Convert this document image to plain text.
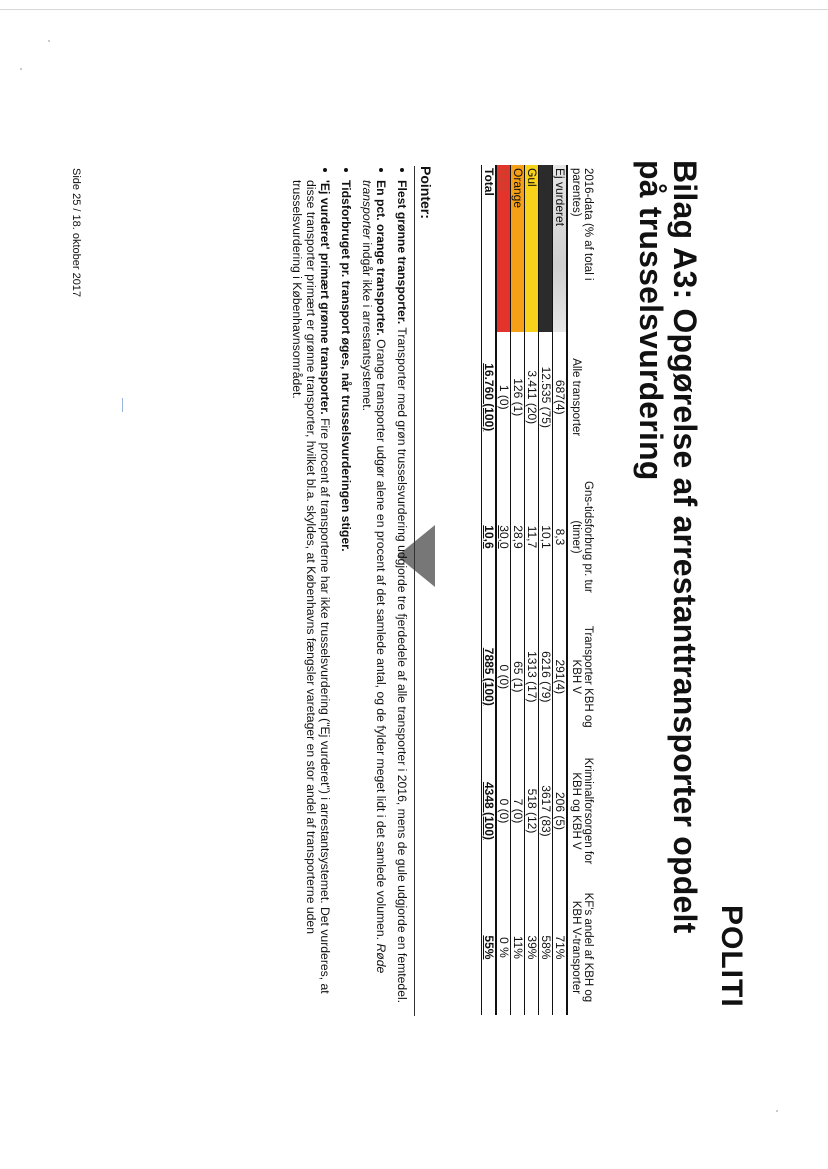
Bilag A3: Opgørelse af arrestanttransporter opdelt
på trusselsvurdering
POLITI
2016-data (% af total i parentes)	Alle transporter	Gns-tidsforbrug pr. tur (timer)	Transporter KBH og KBH V	Kriminalforsorgen for KBH og KBH V	KF's andel af KBH og KBH V-transporter
Ej vurderet	687(4)	8,3	291(4)	206 (5)	71%
Grøn	12.535 (75)	10,1	6216 (79)	3617 (83)	58%
Gul	3.411 (20)	11,7	1313 (17)	518 (12)	39%
Orange	126 (1)	28,9	65 (1)	7 (0)	11%
Rød	1 (0)	30,0	0 (0)	0 (0)	0 %
Total	16.760 (100)	10,6	7885 (100)	4348 (100)	55%
Pointer:
Flest grønne transporter. Transporter med grøn trusselsvurdering udgjorde tre fjerdedele af alle transporter i 2016, mens de gule udgjorde en femtedel.
En pct. orange transporter. Orange transporter udgør alene en procent af det samlede antal, og de fylder meget lidt i det samlede volumen. Røde transporter indgår ikke i arrestantsystemet.
Tidsforbruget pr. transport øges, når trusselsvurderingen stiger.
'Ej vurderet' primært grønne transporter. Fire procent af transporterne har ikke trusselsvurdering ("Ej vurderet") i arrestantsystemet. Det vurderes, at disse transporter primært er grønne transporter, hvilket bl.a. skyldes, at Københavns fængsler varetager en stor andel af transporterne uden trusselsvurdering i Københavnsområdet.
Side 25 / 18. oktober 2017
